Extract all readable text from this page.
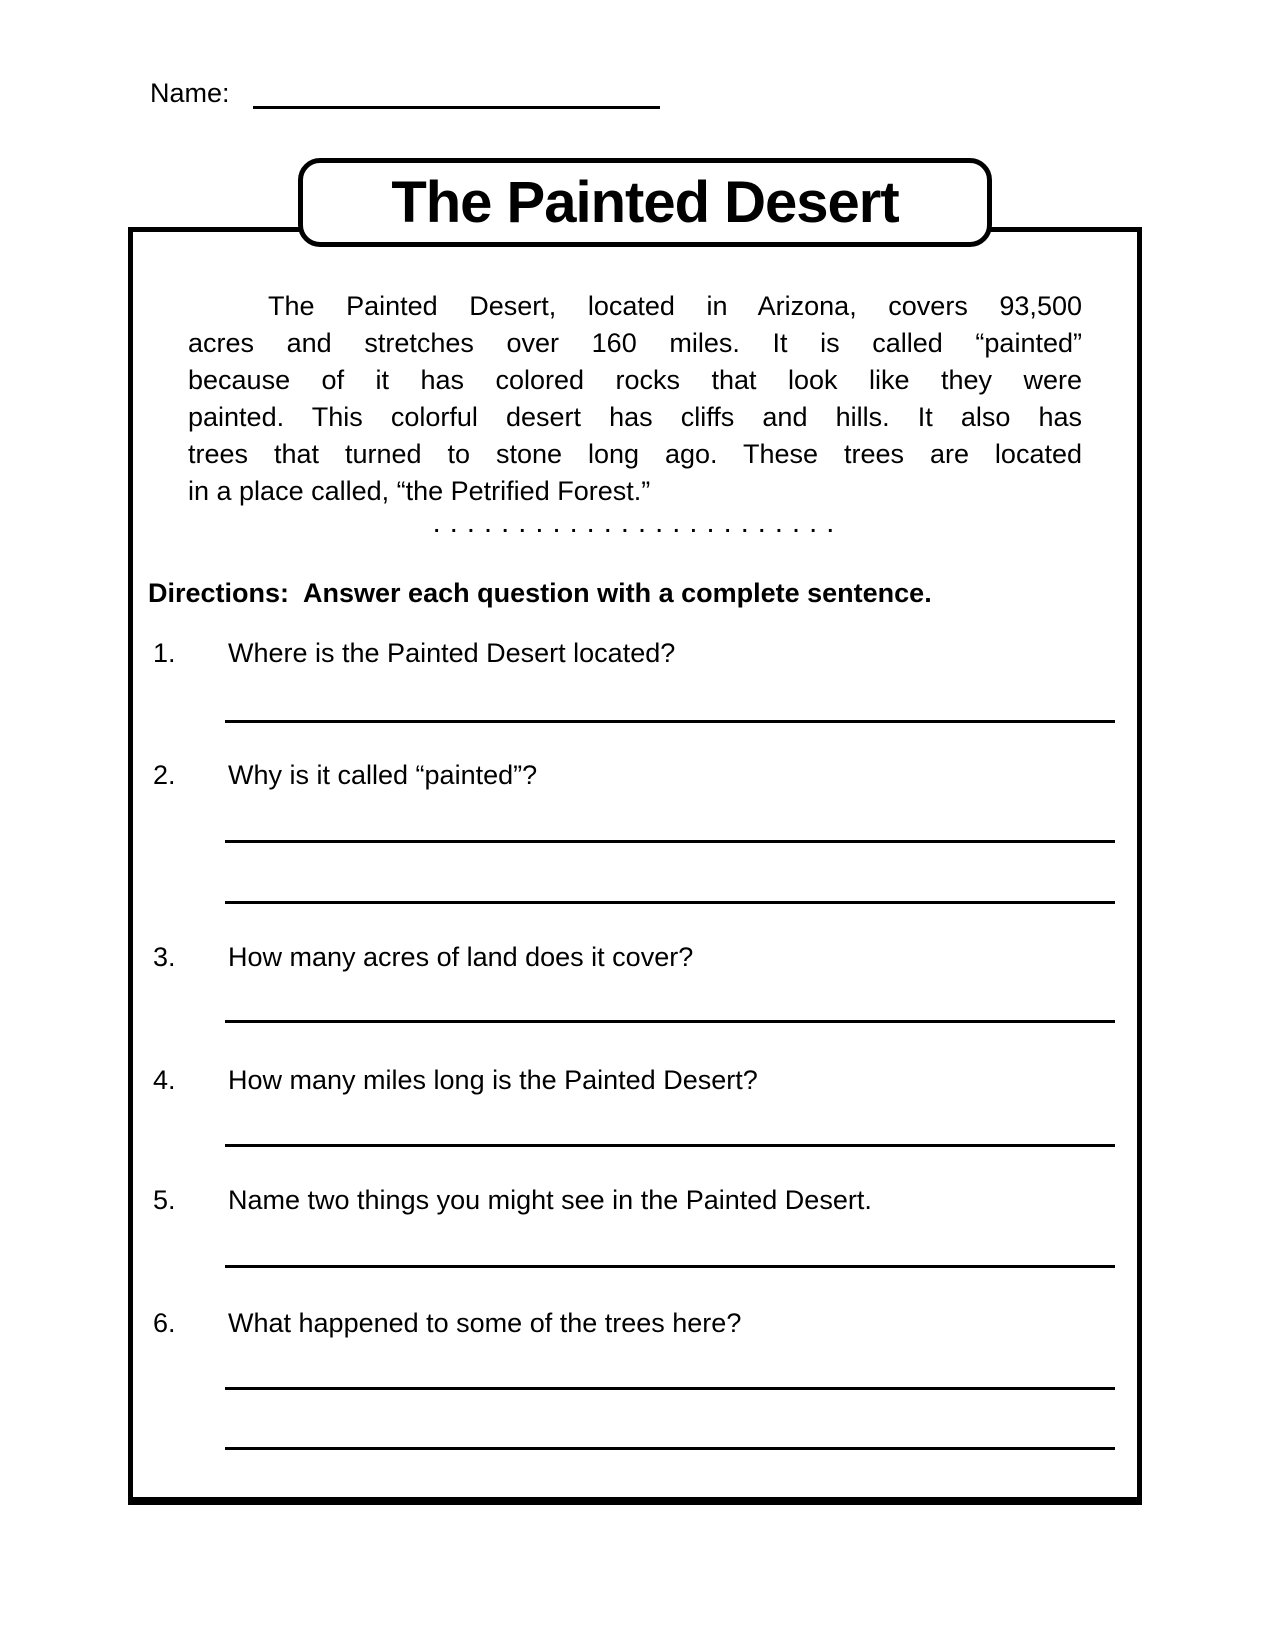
Name:
The Painted Desert
The Painted Desert, located in Arizona, covers 93,500
acres and stretches over 160 miles. It is called “painted”
because of it has colored rocks that look like they were
painted. This colorful desert has cliffs and hills. It also has
trees that turned to stone long ago. These trees are located
in a place called, “the Petrified Forest.”
. . . . . . . . . . . . . . . . . . . . . . . .
Directions:  Answer each question with a complete sentence.
1.	Where is the Painted Desert located?
2.	Why is it called “painted”?
3.	How many acres of land does it cover?
4.	How many miles long is the Painted Desert?
5.	Name two things you might see in the Painted Desert.
6.	What happened to some of the trees here?
